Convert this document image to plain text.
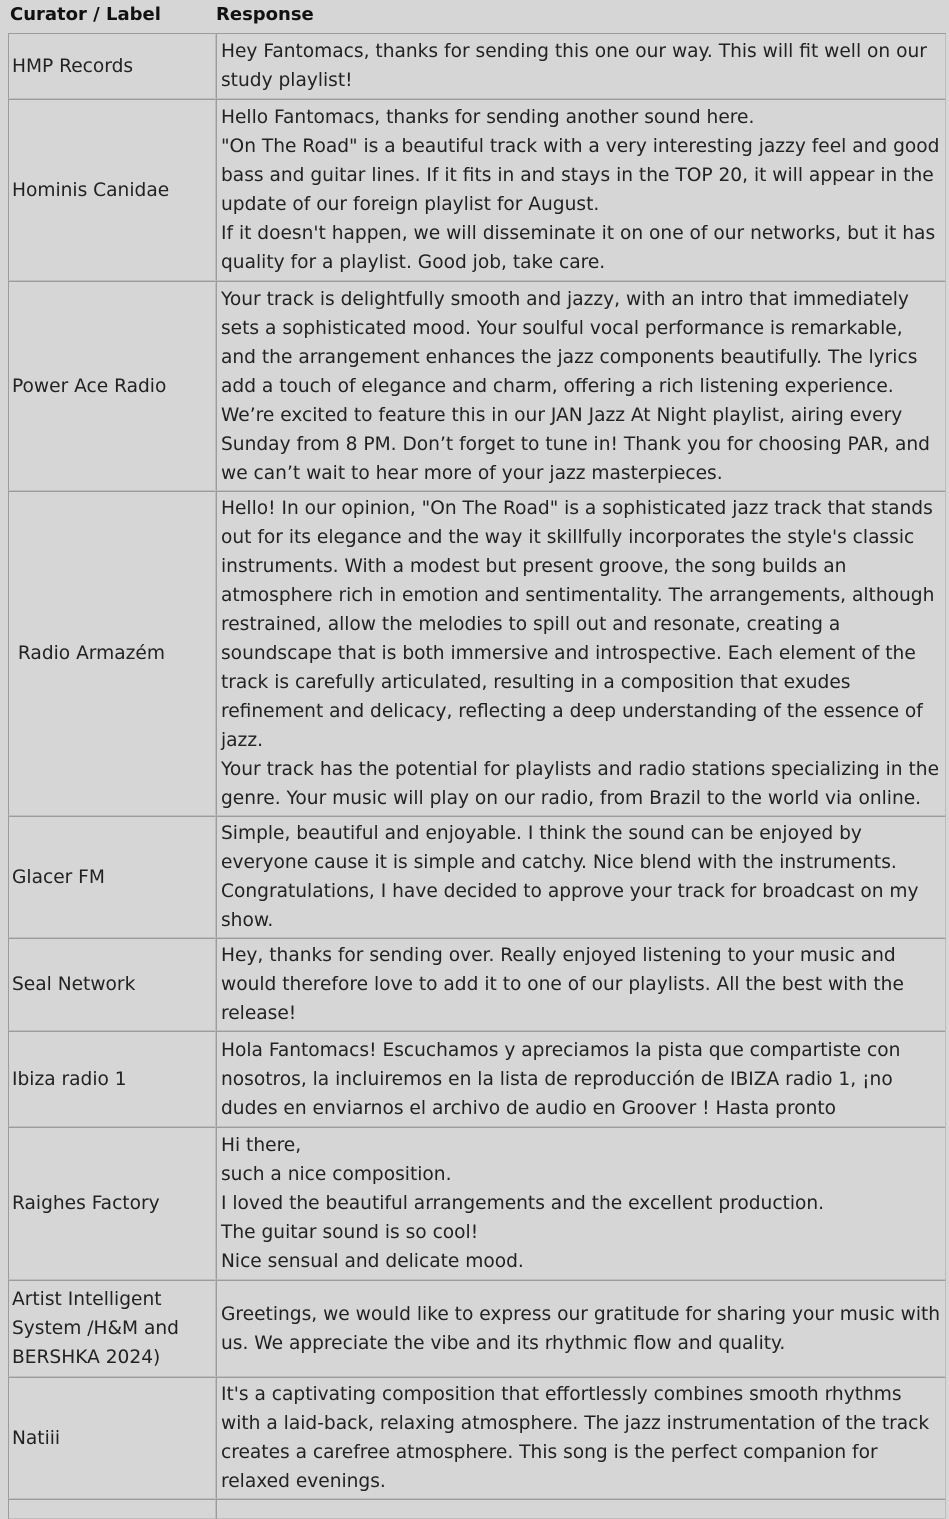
Curator / Label	Response
HMP Records	Hey Fantomacs, thanks for sending this one our way. This will fit well on our study playlist!

Hominis Canidae	Hello Fantomacs, thanks for sending another sound here.
"On The Road" is a beautiful track with a very interesting jazzy feel and good bass and guitar lines. If it fits in and stays in the TOP 20, it will appear in the update of our foreign playlist for August.
If it doesn't happen, we will disseminate it on one of our networks, but it has quality for a playlist. Good job, take care.

Power Ace Radio	Your track is delightfully smooth and jazzy, with an intro that immediately sets a sophisticated mood. Your soulful vocal performance is remarkable, and the arrangement enhances the jazz components beautifully. The lyrics add a touch of elegance and charm, offering a rich listening experience. We’re excited to feature this in our JAN Jazz At Night playlist, airing every Sunday from 8 PM. Don’t forget to tune in! Thank you for choosing PAR, and we can’t wait to hear more of your jazz masterpieces.

Radio Armazém	Hello! In our opinion, "On The Road" is a sophisticated jazz track that stands out for its elegance and the way it skillfully incorporates the style's classic instruments. With a modest but present groove, the song builds an atmosphere rich in emotion and sentimentality. The arrangements, although restrained, allow the melodies to spill out and resonate, creating a soundscape that is both immersive and introspective. Each element of the track is carefully articulated, resulting in a composition that exudes refinement and delicacy, reflecting a deep understanding of the essence of jazz.
Your track has the potential for playlists and radio stations specializing in the genre. Your music will play on our radio, from Brazil to the world via online.

Glacer FM	Simple, beautiful and enjoyable. I think the sound can be enjoyed by everyone cause it is simple and catchy. Nice blend with the instruments. Congratulations, I have decided to approve your track for broadcast on my show.

Seal Network	Hey, thanks for sending over. Really enjoyed listening to your music and would therefore love to add it to one of our playlists. All the best with the release!

Ibiza radio 1	Hola Fantomacs! Escuchamos y apreciamos la pista que compartiste con nosotros, la incluiremos en la lista de reproducción de IBIZA radio 1, ¡no dudes en enviarnos el archivo de audio en Groover ! Hasta pronto

Raighes Factory	Hi there,
such a nice composition.
I loved the beautiful arrangements and the excellent production.
The guitar sound is so cool!
Nice sensual and delicate mood.

Artist Intelligent System /H&M and BERSHKA 2024)	Greetings, we would like to express our gratitude for sharing your music with us. We appreciate the vibe and its rhythmic flow and quality.

Natiii	It's a captivating composition that effortlessly combines smooth rhythms with a laid-back, relaxing atmosphere. The jazz instrumentation of the track creates a carefree atmosphere. This song is the perfect companion for relaxed evenings.
